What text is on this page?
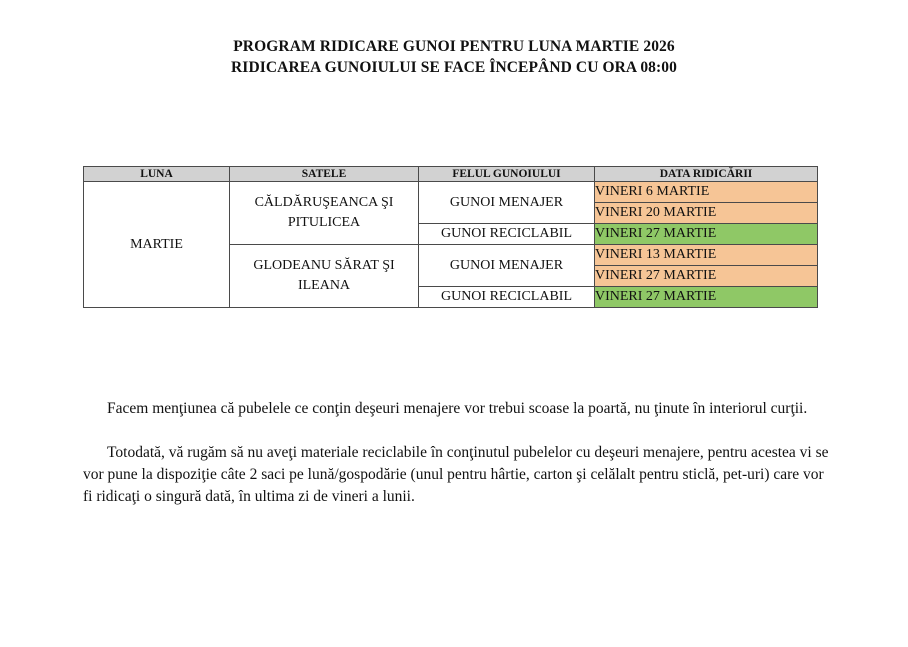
PROGRAM RIDICARE GUNOI PENTRU LUNA MARTIE 2026
RIDICAREA GUNOIULUI SE FACE ÎNCEPÂND CU ORA 08:00
LUNA	SATELE	FELUL GUNOIULUI	DATA RIDICĂRII
MARTIE	CĂLDĂRUŞEANCA ŞI PITULICEA	GUNOI MENAJER	VINERI 6 MARTIE
			VINERI 20 MARTIE
		GUNOI RECICLABIL	VINERI 27 MARTIE
	GLODEANU SĂRAT ŞI ILEANA	GUNOI MENAJER	VINERI 13 MARTIE
			VINERI 27 MARTIE
		GUNOI RECICLABIL	VINERI 27 MARTIE

Facem menţiunea că pubelele ce conţin deşeuri menajere vor trebui scoase la poartă, nu ţinute în interiorul curţii.

Totodată, vă rugăm să nu aveţi materiale reciclabile în conţinutul pubelelor cu deşeuri menajere, pentru acestea vi se vor pune la dispoziţie câte 2 saci pe lună/gospodărie (unul pentru hârtie, carton şi celălalt pentru sticlă, pet-uri) care vor fi ridicaţi o singură dată, în ultima zi de vineri a lunii.
